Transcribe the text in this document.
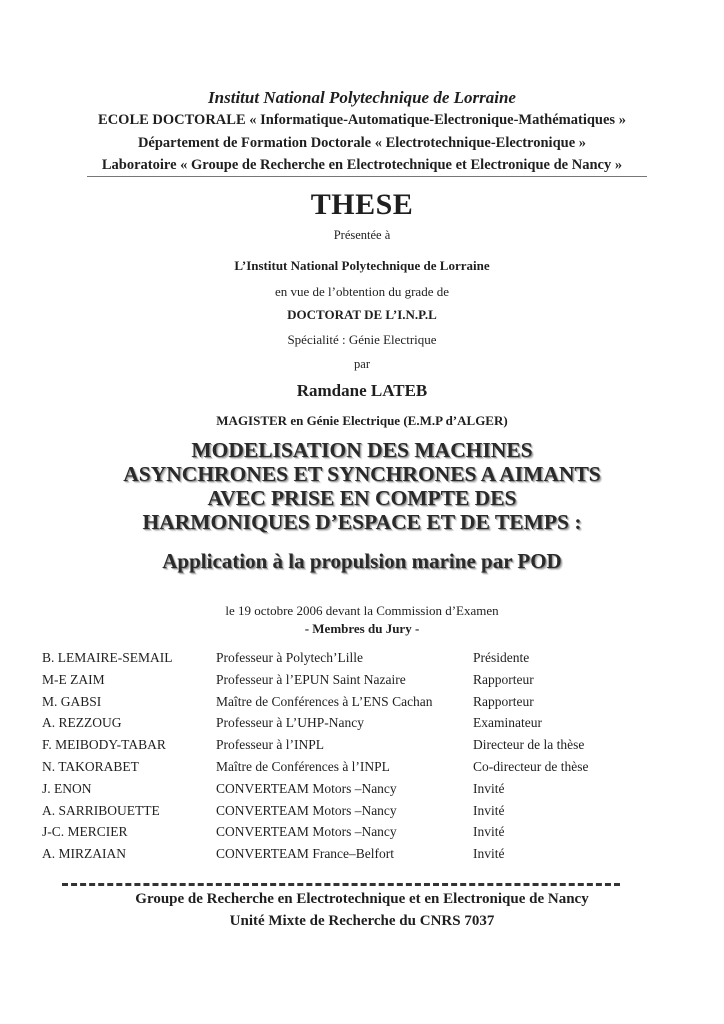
Institut National Polytechnique de Lorraine
ECOLE DOCTORALE « Informatique-Automatique-Electronique-Mathématiques »
Département de Formation Doctorale « Electrotechnique-Electronique »
Laboratoire « Groupe de Recherche en Electrotechnique et Electronique de Nancy »
THESE
Présentée à
L’Institut National Polytechnique de Lorraine
en vue de l’obtention du grade de
DOCTORAT DE L’I.N.P.L
Spécialité : Génie Electrique
par
Ramdane LATEB
MAGISTER en Génie Electrique (E.M.P d’ALGER)
MODELISATION DES MACHINES
ASYNCHRONES ET SYNCHRONES A AIMANTS
AVEC PRISE EN COMPTE DES
HARMONIQUES D’ESPACE ET DE TEMPS :
Application à la propulsion marine par POD
le 19 octobre 2006 devant la Commission d’Examen
- Membres du Jury -
B. LEMAIRE-SEMAIL	Professeur à Polytech’Lille	Présidente
M-E ZAIM	Professeur à l’EPUN Saint Nazaire	Rapporteur
M. GABSI	Maître de Conférences à L’ENS Cachan	Rapporteur
A. REZZOUG	Professeur à L’UHP-Nancy	Examinateur
F. MEIBODY-TABAR	Professeur à l’INPL	Directeur de la thèse
N. TAKORABET	Maître de Conférences à l’INPL	Co-directeur de thèse
J. ENON	CONVERTEAM Motors –Nancy	Invité
A. SARRIBOUETTE	CONVERTEAM Motors –Nancy	Invité
J-C. MERCIER	CONVERTEAM Motors –Nancy	Invité
A. MIRZAIAN	CONVERTEAM France–Belfort	Invité
Groupe de Recherche en Electrotechnique et en Electronique de Nancy
Unité Mixte de Recherche du CNRS 7037
